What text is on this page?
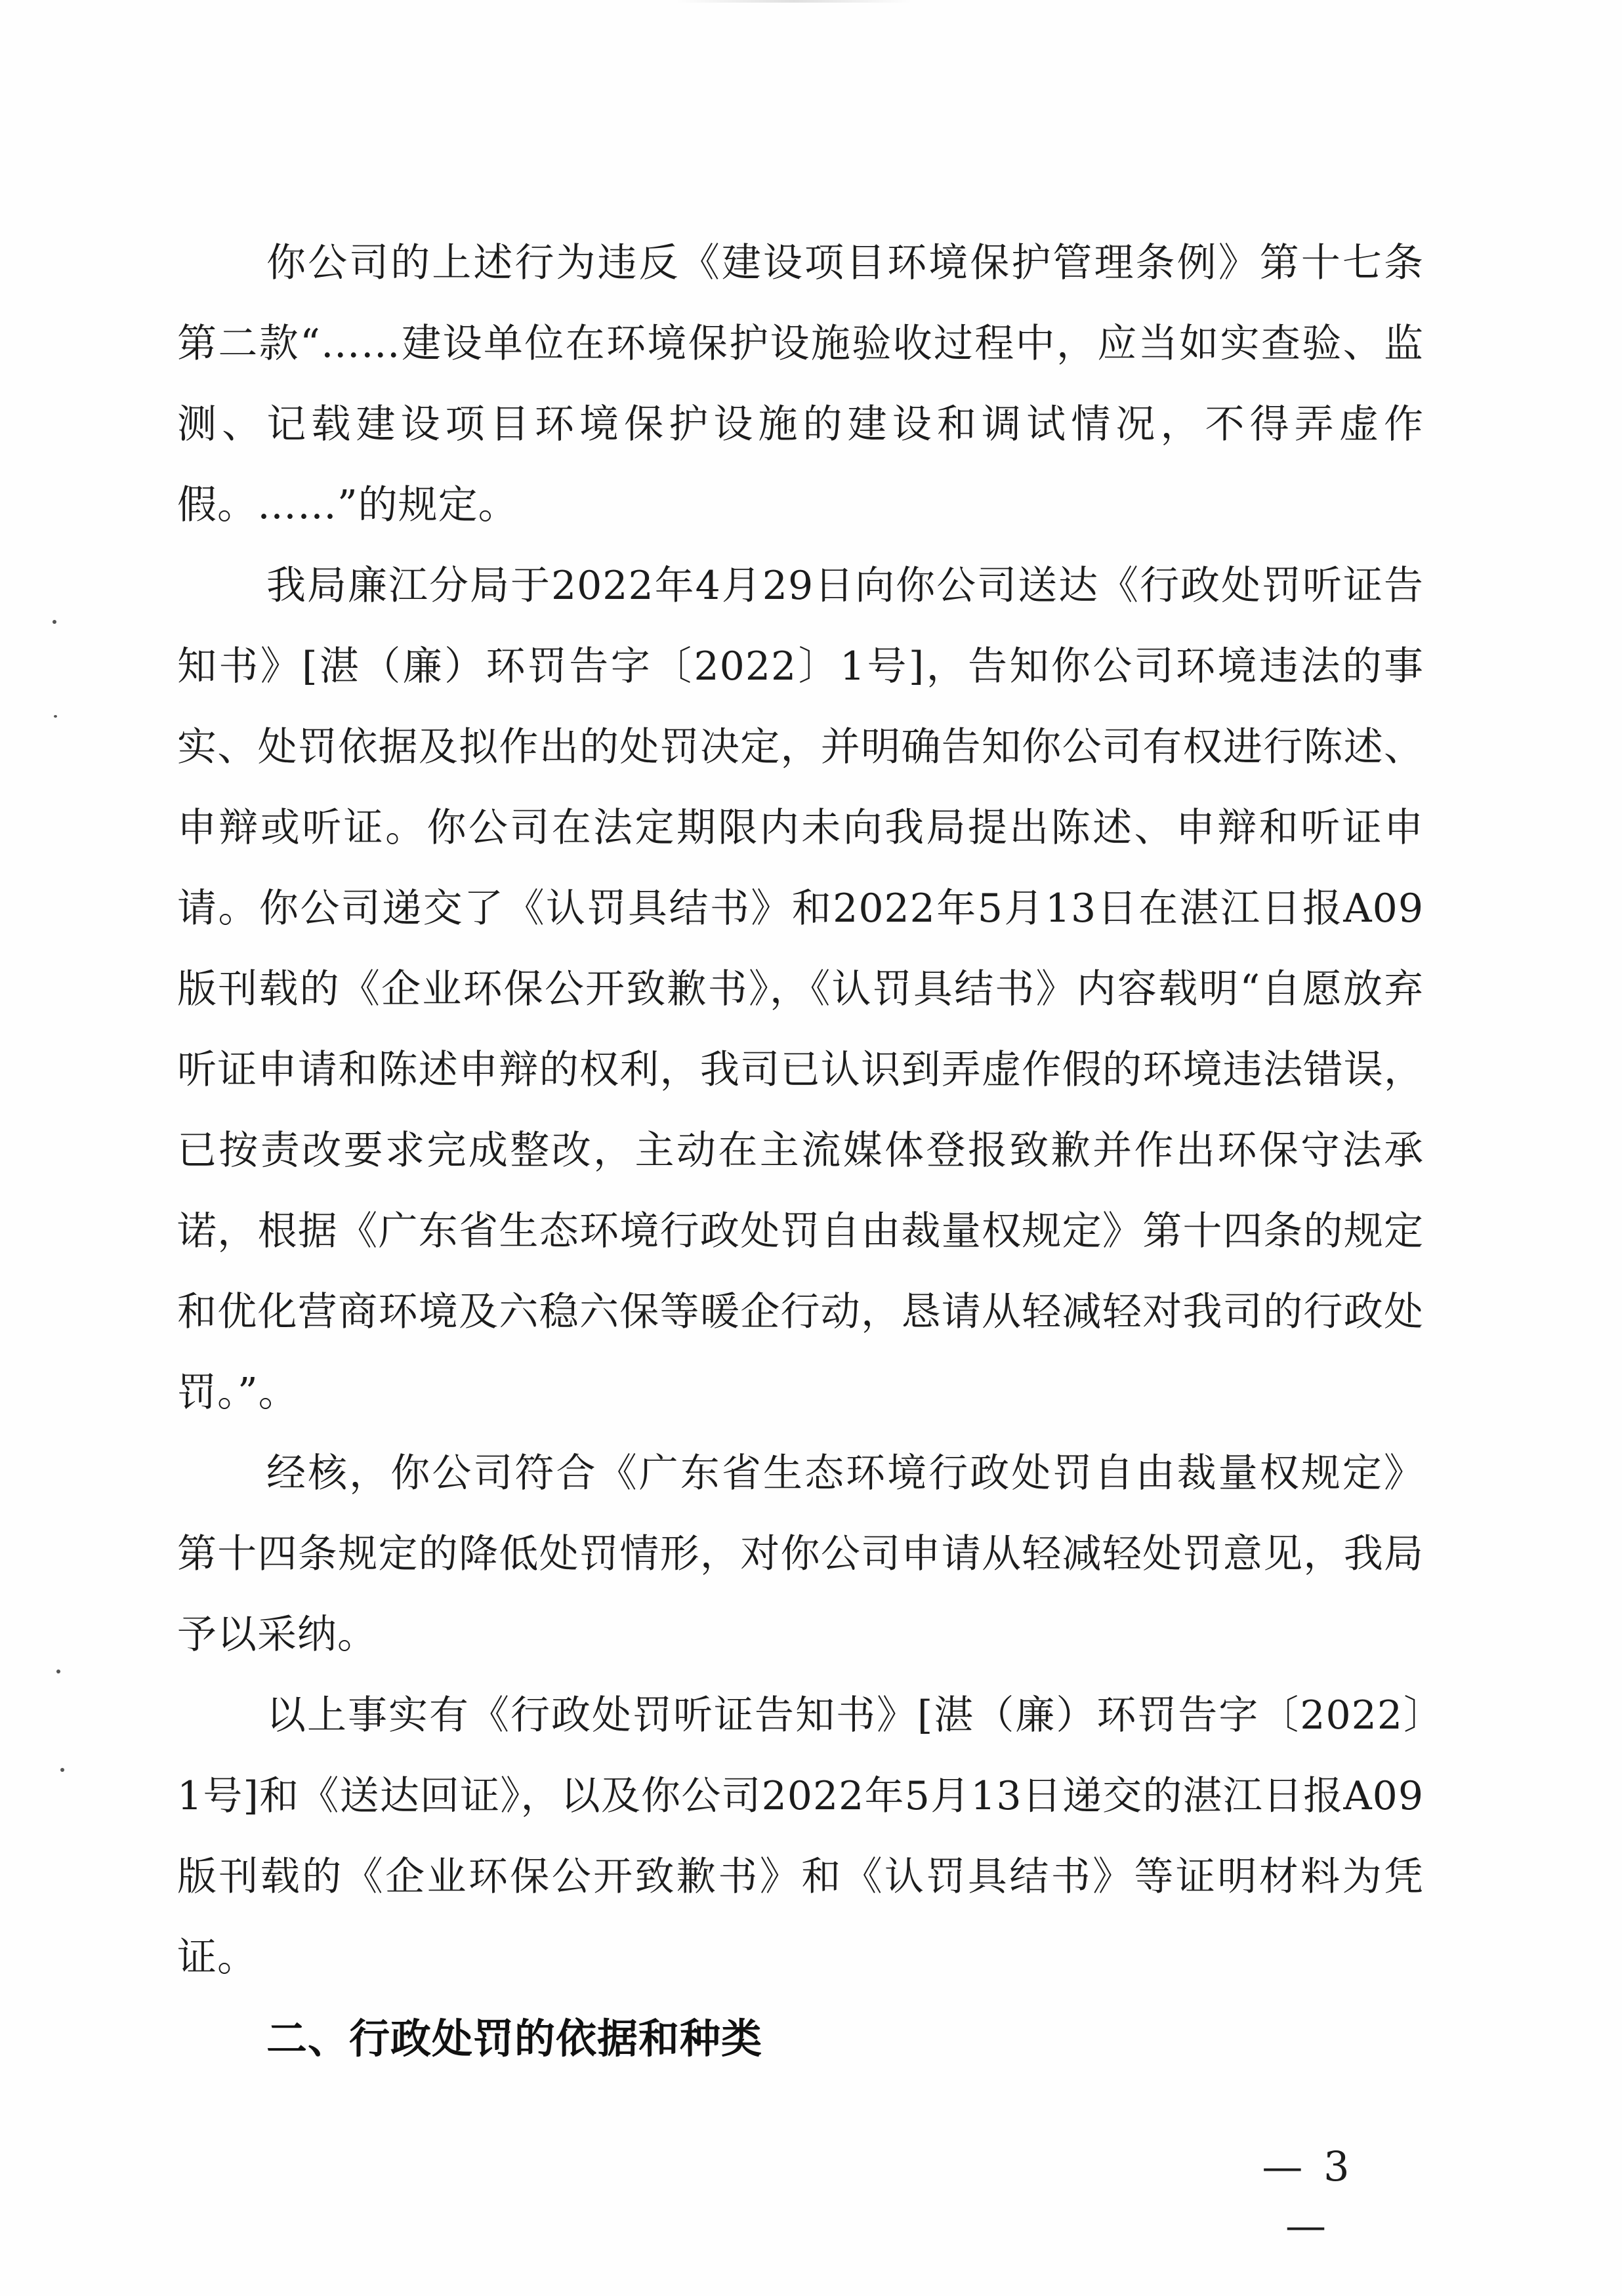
你公司的上述行为违反《建设项目环境保护管理条例》第十七条第二款“……建设单位在环境保护设施验收过程中，应当如实查验、监测、记载建设项目环境保护设施的建设和调试情况，不得弄虚作假。……”的规定。

我局廉江分局于2022年4月29日向你公司送达《行政处罚听证告知书》[湛（廉）环罚告字〔2022〕1号]，告知你公司环境违法的事实、处罚依据及拟作出的处罚决定，并明确告知你公司有权进行陈述、申辩或听证。你公司在法定期限内未向我局提出陈述、申辩和听证申请。你公司递交了《认罚具结书》和2022年5月13日在湛江日报A09版刊载的《企业环保公开致歉书》，《认罚具结书》内容载明“自愿放弃听证申请和陈述申辩的权利，我司已认识到弄虚作假的环境违法错误，已按责改要求完成整改，主动在主流媒体登报致歉并作出环保守法承诺，根据《广东省生态环境行政处罚自由裁量权规定》第十四条的规定和优化营商环境及六稳六保等暖企行动，恳请从轻减轻对我司的行政处罚。”。

经核，你公司符合《广东省生态环境行政处罚自由裁量权规定》第十四条规定的降低处罚情形，对你公司申请从轻减轻处罚意见，我局予以采纳。

以上事实有《行政处罚听证告知书》[湛（廉）环罚告字〔2022〕1号]和《送达回证》，以及你公司2022年5月13日递交的湛江日报A09版刊载的《企业环保公开致歉书》和《认罚具结书》等证明材料为凭证。

二、行政处罚的依据和种类

— 3 —
